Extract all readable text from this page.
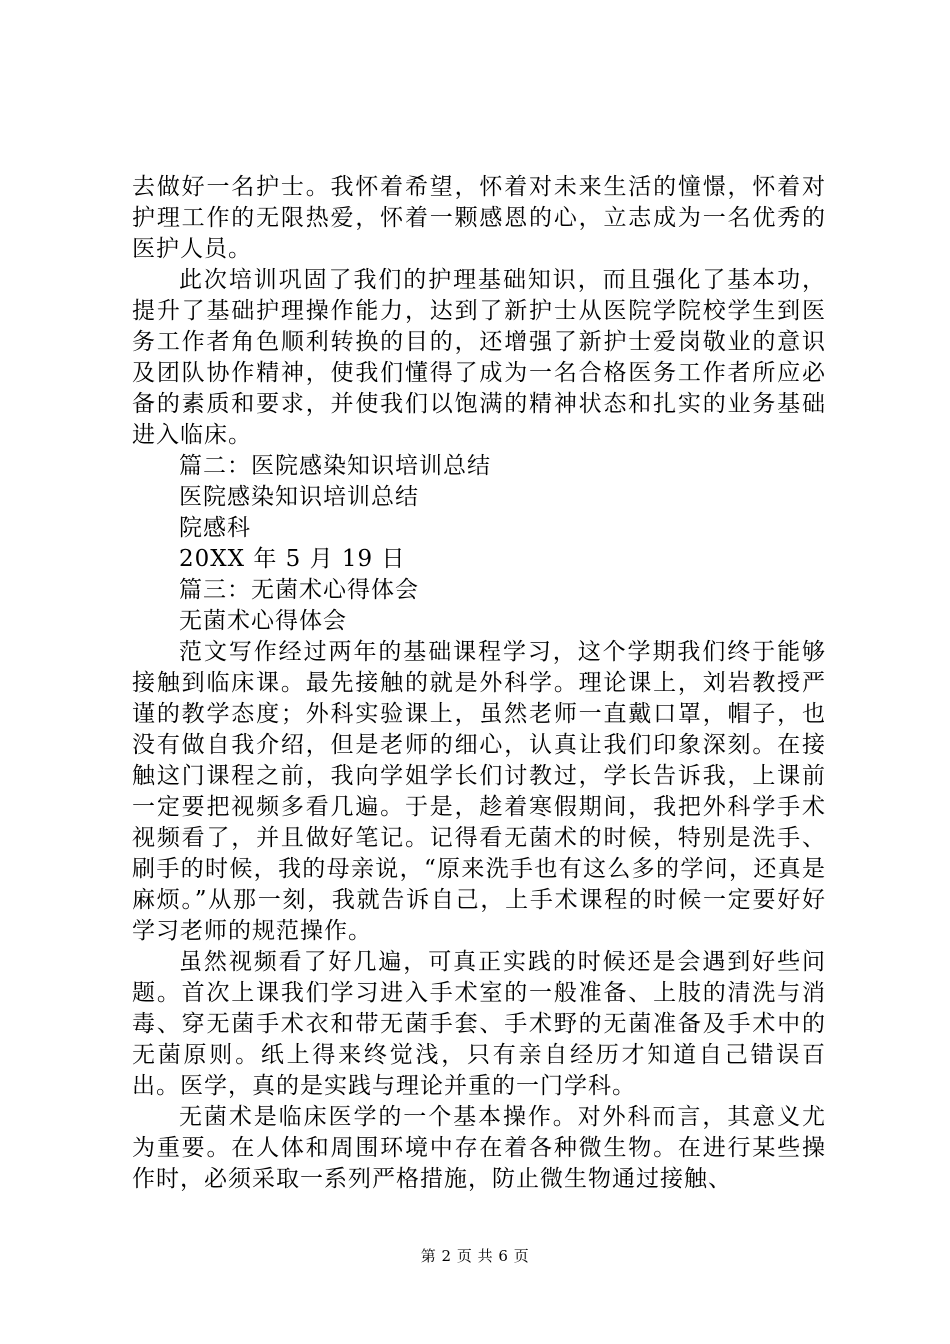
去做好一名护士。我怀着希望，怀着对未来生活的憧憬，怀着对护理工作的无限热爱，怀着一颗感恩的心，立志成为一名优秀的医护人员。

此次培训巩固了我们的护理基础知识，而且强化了基本功，提升了基础护理操作能力，达到了新护士从医院学院校学生到医务工作者角色顺利转换的目的，还增强了新护士爱岗敬业的意识及团队协作精神，使我们懂得了成为一名合格医务工作者所应必备的素质和要求，并使我们以饱满的精神状态和扎实的业务基础进入临床。

篇二：医院感染知识培训总结

医院感染知识培训总结

院感科

20XX 年 5 月 19 日

篇三：无菌术心得体会

无菌术心得体会

范文写作经过两年的基础课程学习，这个学期我们终于能够接触到临床课。最先接触的就是外科学。理论课上，刘岩教授严谨的教学态度；外科实验课上，虽然老师一直戴口罩，帽子，也没有做自我介绍，但是老师的细心，认真让我们印象深刻。在接触这门课程之前，我向学姐学长们讨教过，学长告诉我，上课前一定要把视频多看几遍。于是，趁着寒假期间，我把外科学手术视频看了，并且做好笔记。记得看无菌术的时候，特别是洗手、刷手的时候，我的母亲说，“原来洗手也有这么多的学问，还真是麻烦。”从那一刻，我就告诉自己，上手术课程的时候一定要好好学习老师的规范操作。

虽然视频看了好几遍，可真正实践的时候还是会遇到好些问题。首次上课我们学习进入手术室的一般准备、上肢的清洗与消毒、穿无菌手术衣和带无菌手套、手术野的无菌准备及手术中的无菌原则。纸上得来终觉浅，只有亲自经历才知道自己错误百出。医学，真的是实践与理论并重的一门学科。

无菌术是临床医学的一个基本操作。对外科而言，其意义尤为重要。在人体和周围环境中存在着各种微生物。在进行某些操作时，必须采取一系列严格措施，防止微生物通过接触、

第 2 页 共 6 页
